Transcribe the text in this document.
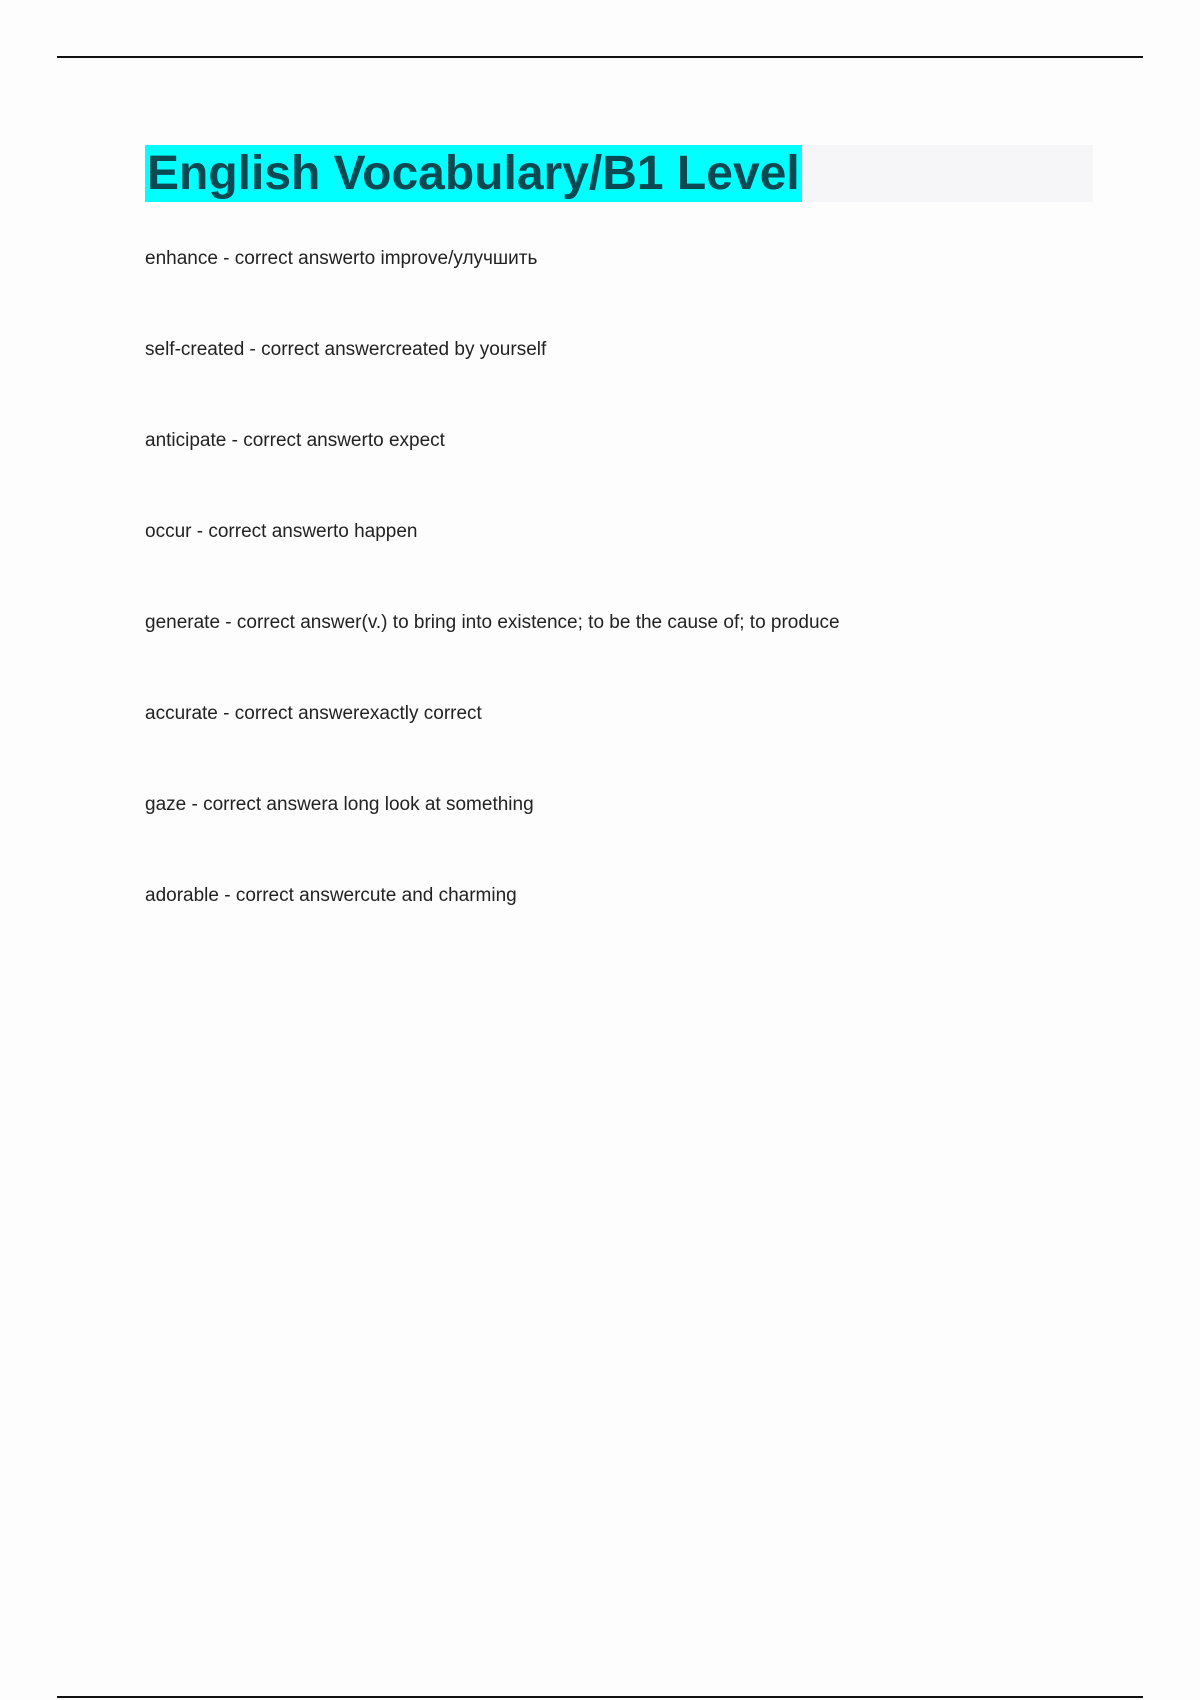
English Vocabulary/B1 Level
enhance - correct answerto improve/улучшить
self-created - correct answercreated by yourself
anticipate - correct answerto expect
occur - correct answerto happen
generate - correct answer(v.) to bring into existence; to be the cause of; to produce
accurate - correct answerexactly correct
gaze - correct answera long look at something
adorable - correct answercute and charming
